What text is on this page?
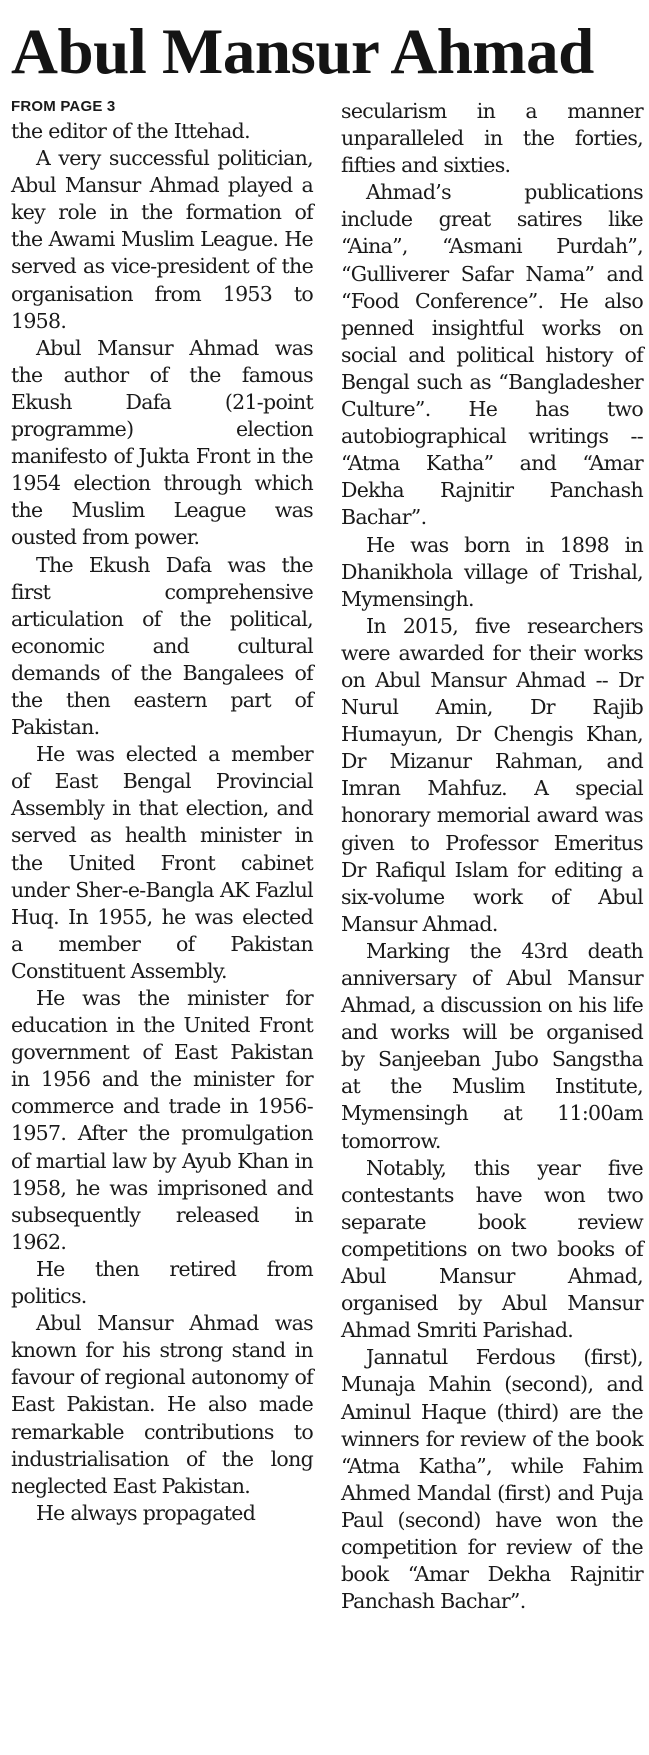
Abul Mansur Ahmad
FROM PAGE 3

the editor of the Ittehad.

A very successful politician, Abul Mansur Ahmad played a key role in the formation of the Awami Muslim League. He served as vice-president of the organisation from 1953 to 1958.

Abul Mansur Ahmad was the author of the famous Ekush Dafa (21-point programme) election manifesto of Jukta Front in the 1954 election through which the Muslim League was ousted from power.

The Ekush Dafa was the first comprehensive articulation of the political, economic and cultural demands of the Bangalees of the then eastern part of Pakistan.

He was elected a member of East Bengal Provincial Assembly in that election, and served as health minister in the United Front cabinet under Sher-e-Bangla AK Fazlul Huq. In 1955, he was elected a member of Pakistan Constituent Assembly.

He was the minister for education in the United Front government of East Pakistan in 1956 and the minister for commerce and trade in 1956-1957. After the promulgation of martial law by Ayub Khan in 1958, he was imprisoned and subsequently released in 1962.

He then retired from politics.

Abul Mansur Ahmad was known for his strong stand in favour of regional autonomy of East Pakistan. He also made remarkable contributions to industrialisation of the long neglected East Pakistan.

He always propagated

secularism in a manner unparalleled in the forties, fifties and sixties.

Ahmad’s publications include great satires like “Aina”, “Asmani Purdah”, “Gulliverer Safar Nama” and “Food Conference”. He also penned insightful works on social and political history of Bengal such as “Bangladesher Culture”. He has two autobiographical writings -- “Atma Katha” and “Amar Dekha Rajnitir Panchash Bachar”.

He was born in 1898 in Dhanikhola village of Trishal, Mymensingh.

In 2015, five researchers were awarded for their works on Abul Mansur Ahmad -- Dr Nurul Amin, Dr Rajib Humayun, Dr Chengis Khan, Dr Mizanur Rahman, and Imran Mahfuz. A special honorary memorial award was given to Professor Emeritus Dr Rafiqul Islam for editing a six-volume work of Abul Mansur Ahmad.

Marking the 43rd death anniversary of Abul Mansur Ahmad, a discussion on his life and works will be organised by Sanjeeban Jubo Sangstha at the Muslim Institute, Mymensingh at 11:00am tomorrow.

Notably, this year five contestants have won two separate book review competitions on two books of Abul Mansur Ahmad, organised by Abul Mansur Ahmad Smriti Parishad.

Jannatul Ferdous (first), Munaja Mahin (second), and Aminul Haque (third) are the winners for review of the book “Atma Katha”, while Fahim Ahmed Mandal (first) and Puja Paul (second) have won the competition for review of the book “Amar Dekha Rajnitir Panchash Bachar”.
